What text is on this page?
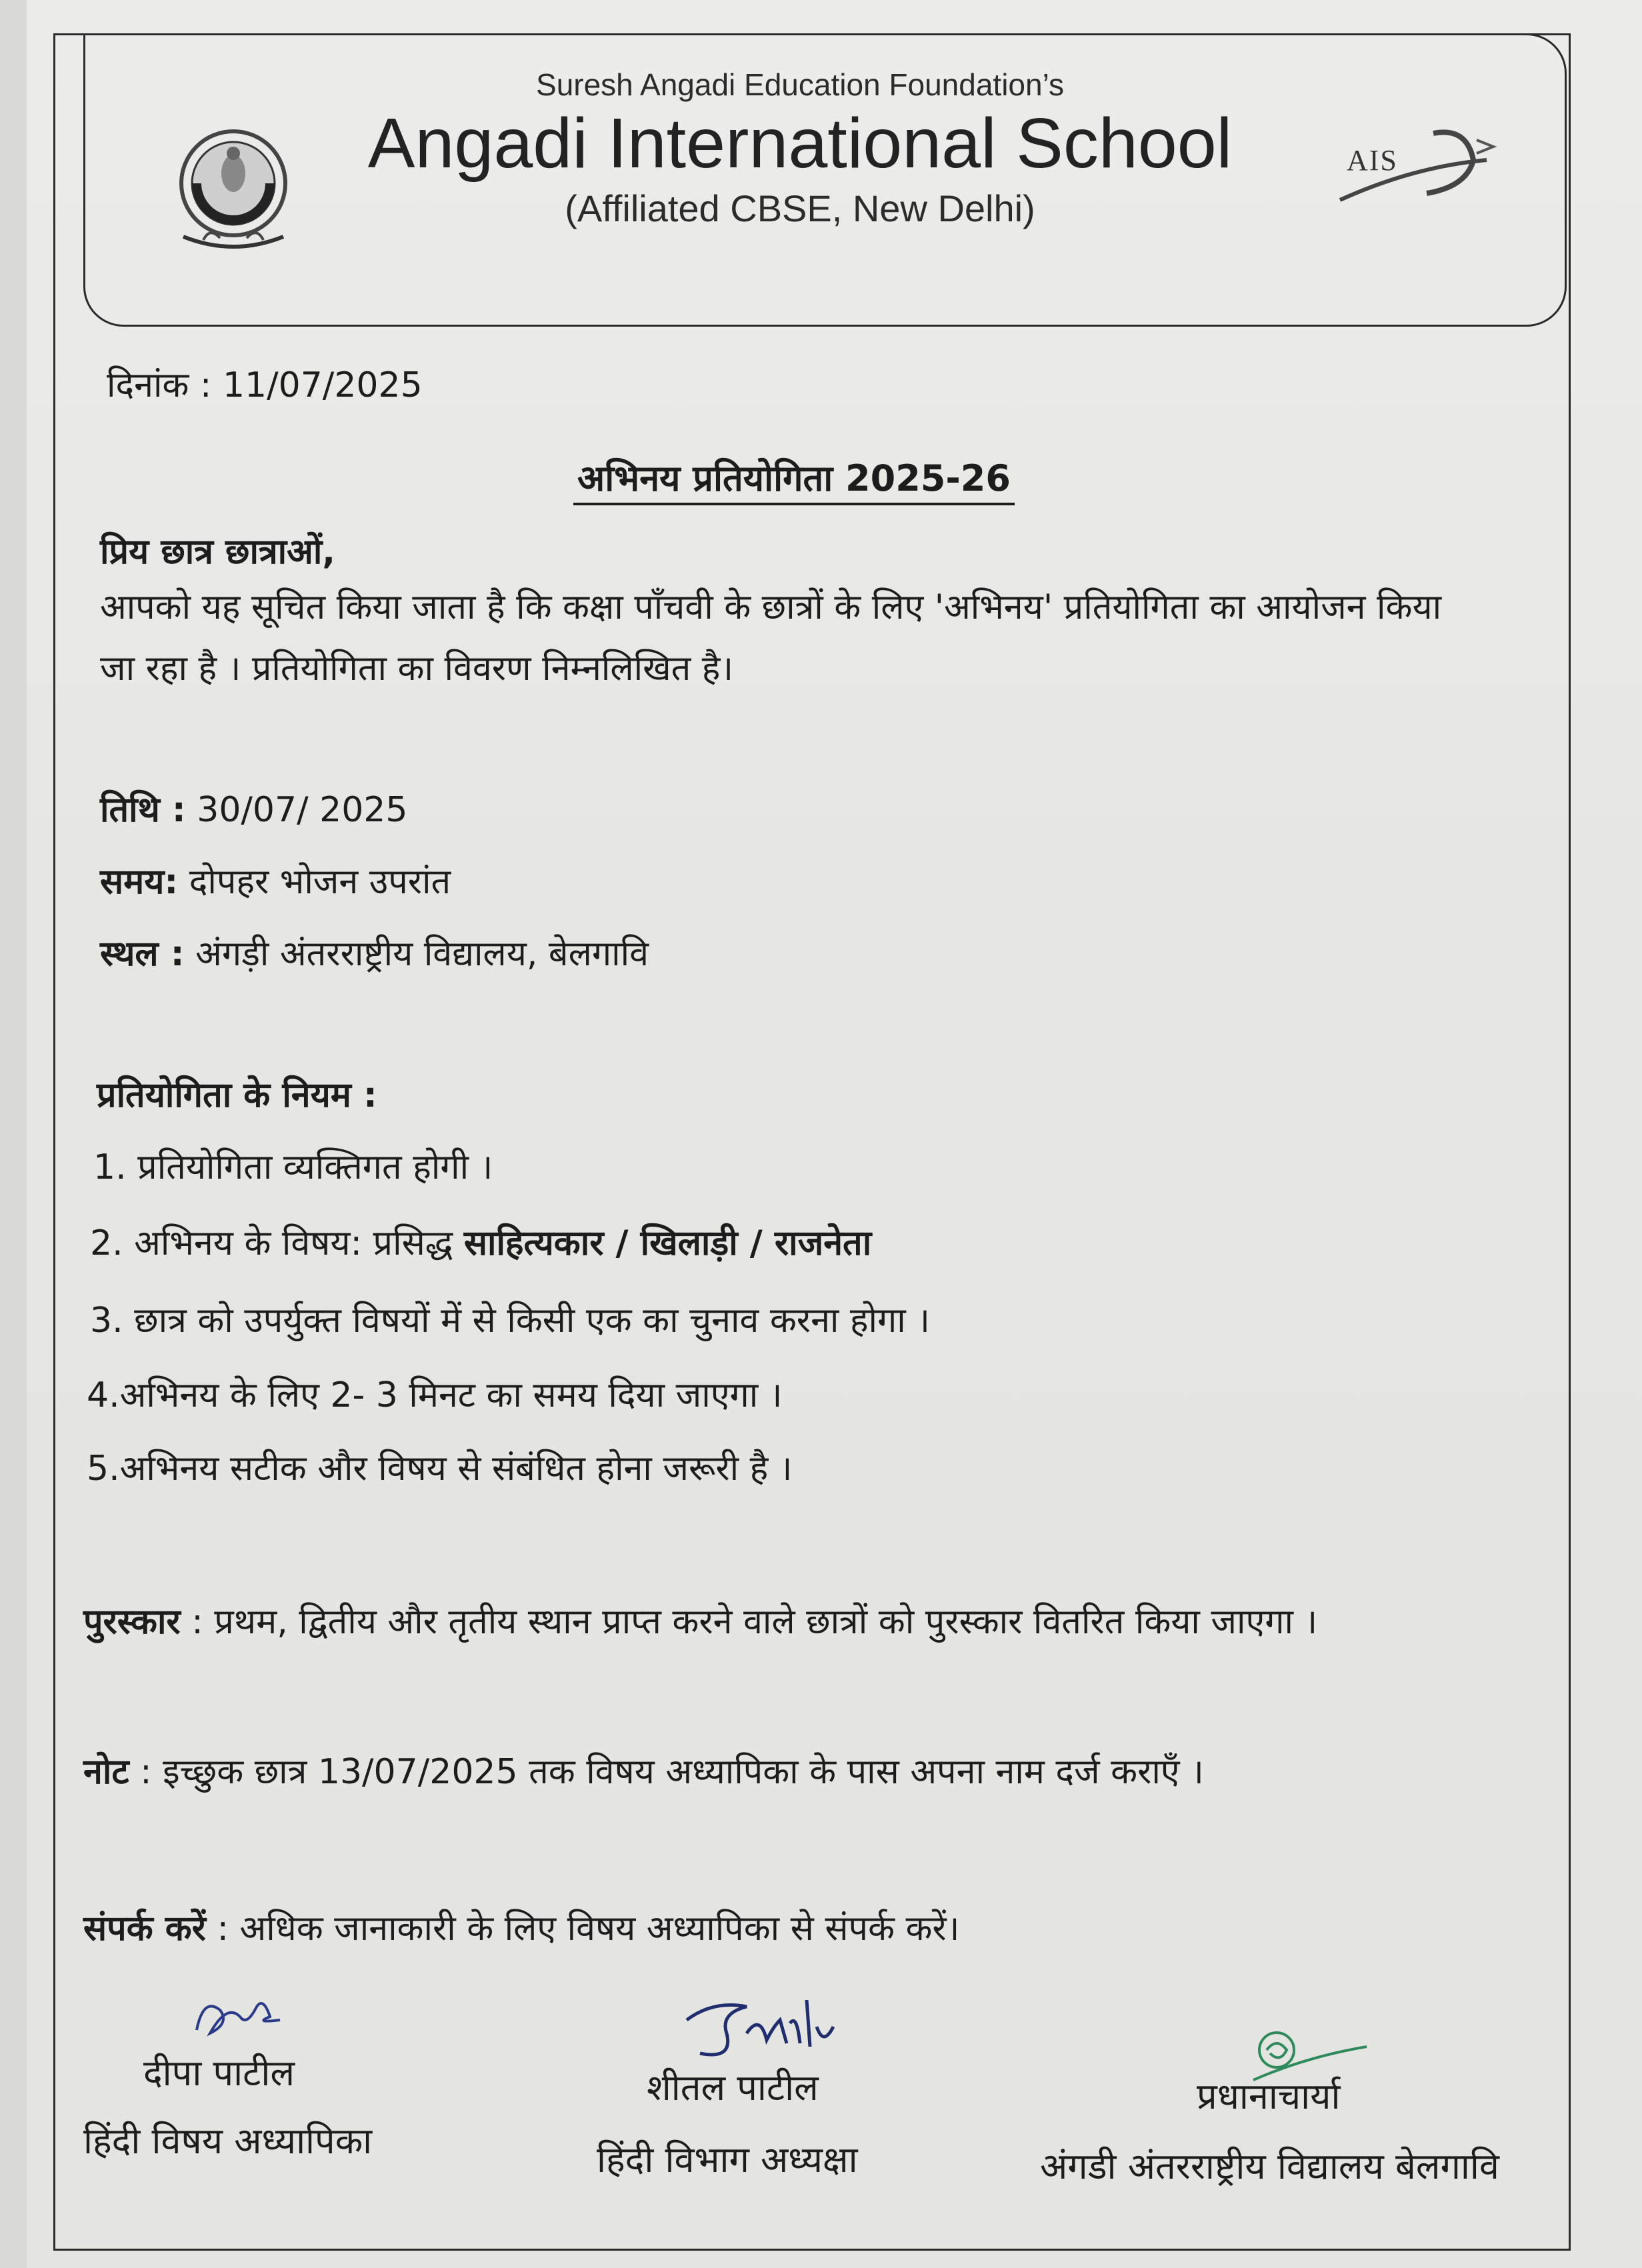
Suresh Angadi Education Foundation’s
Angadi International School
(Affiliated CBSE, New Delhi)
AIS
दिनांक : 11/07/2025
अभिनय प्रतियोगिता 2025-26
प्रिय छात्र छात्राओं,
आपको यह सूचित किया जाता है कि कक्षा पाँचवी के छात्रों के लिए 'अभिनय' प्रतियोगिता का आयोजन किया
जा रहा है । प्रतियोगिता का विवरण निम्नलिखित है।
तिथि : 30/07/ 2025
समय: दोपहर भोजन उपरांत
स्थल : अंगड़ी अंतरराष्ट्रीय विद्यालय, बेलगावि
प्रतियोगिता के नियम :
1. प्रतियोगिता व्यक्तिगत होगी ।
2. अभिनय के विषय: प्रसिद्ध साहित्यकार / खिलाड़ी / राजनेता
3. छात्र को उपर्युक्त विषयों में से किसी एक का चुनाव करना होगा ।
4.अभिनय के लिए 2- 3 मिनट का समय दिया जाएगा ।
5.अभिनय सटीक और विषय से संबंधित होना जरूरी है ।
पुरस्कार : प्रथम, द्वितीय और तृतीय स्थान प्राप्त करने वाले छात्रों को पुरस्कार वितरित किया जाएगा ।
नोट : इच्छुक छात्र 13/07/2025 तक विषय अध्यापिका के पास अपना नाम दर्ज कराएँ ।
संपर्क करें : अधिक जानाकारी के लिए विषय अध्यापिका से संपर्क करें।
दीपा पाटील
हिंदी विषय अध्यापिका
शीतल पाटील
हिंदी विभाग अध्यक्षा
प्रधानाचार्या
अंगडी अंतरराष्ट्रीय विद्यालय बेलगावि
